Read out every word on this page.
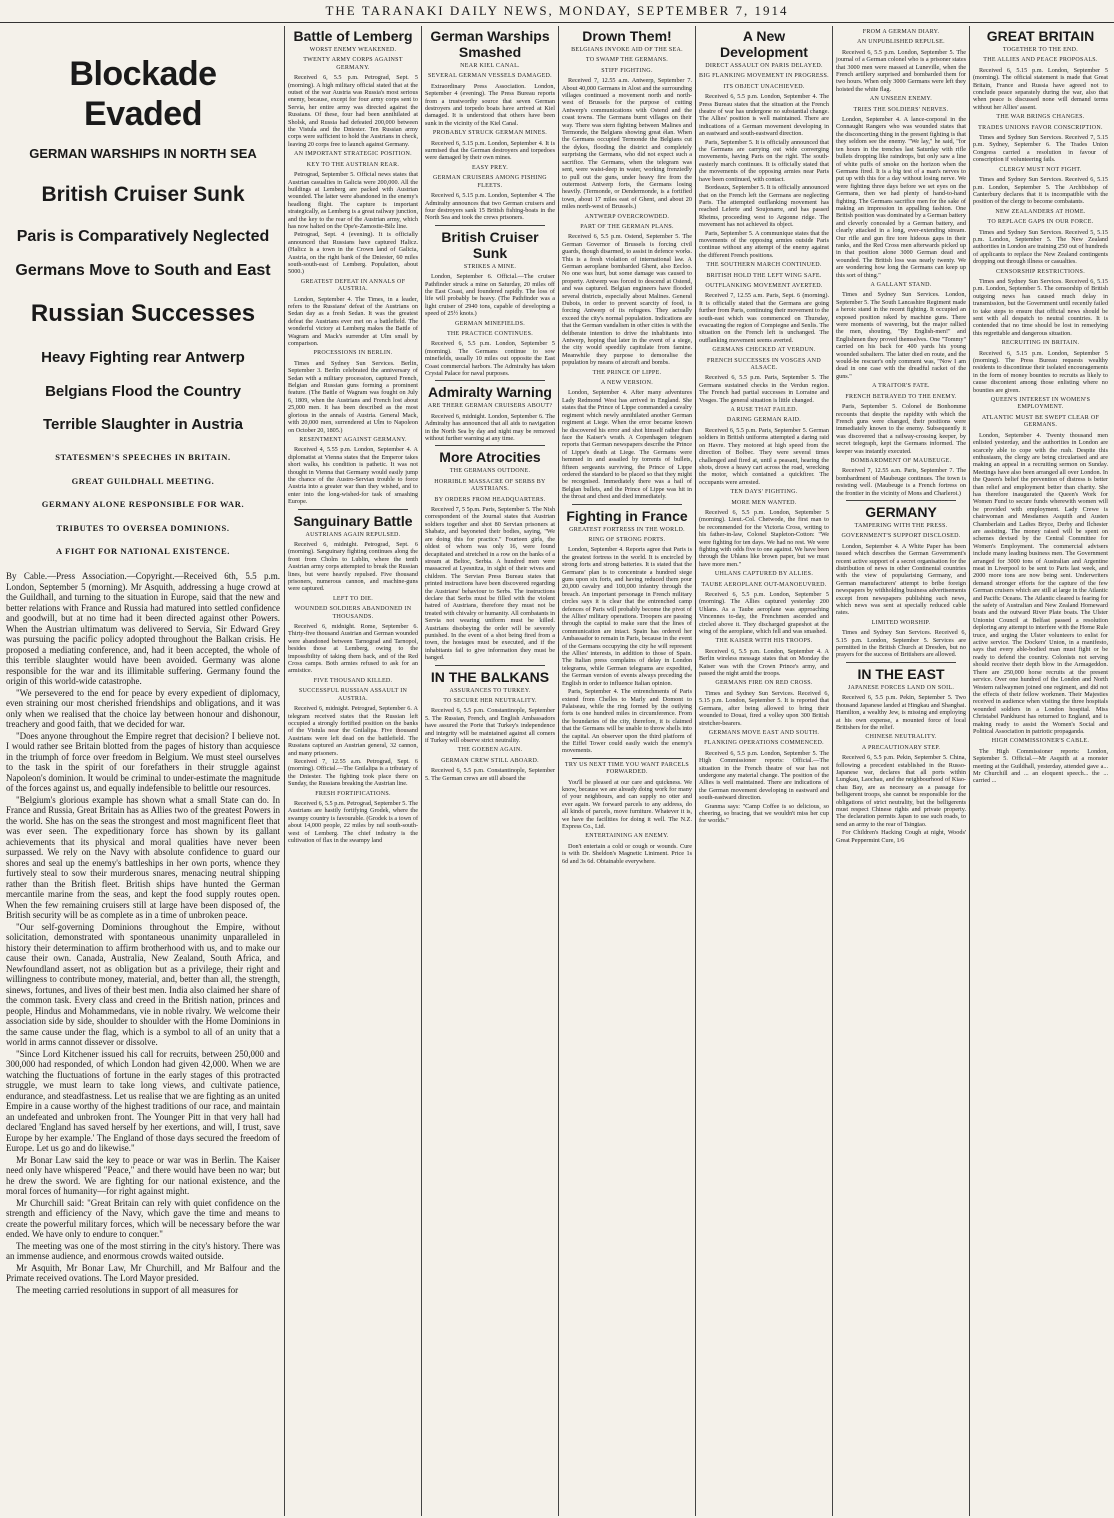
THE TARANAKI DAILY NEWS, MONDAY, SEPTEMBER 7, 1914
Blockade Evaded
GERMAN WARSHIPS IN NORTH SEA
British Cruiser Sunk
Paris is Comparatively Neglected
Germans Move to South and East
Russian Successes
Heavy Fighting rear Antwerp
Belgians Flood the Country
Terrible Slaughter in Austria
STATESMEN'S SPEECHES IN BRITAIN.
GREAT GUILDHALL MEETING.
GERMANY ALONE RESPONSIBLE FOR WAR.
TRIBUTES TO OVERSEA DOMINIONS.
A FIGHT FOR NATIONAL EXISTENCE.

By Cable.—Press Association.—Copyright.—Received 6th, 5.5 p.m. London, September 5 (morning). Mr Asquith, addressing a huge crowd at the Guildhall, and turning to the situation in Europe, said that the new and better relations with France and Russia had matured into settled confidence and goodwill, but at no time had it been directed against other Powers. When the Austrian ultimatum was delivered to Servia, Sir Edward Grey was pursuing the pacific policy adopted throughout the Balkan crisis. He proposed a mediating conference, and, had it been accepted, the whole of this terrible slaughter would have been avoided. Germany was alone responsible for the war and its illimitable suffering. Germany found the origin of this world-wide catastrophe.

"We persevered to the end for peace by every expedient of diplomacy, even straining our most cherished friendships and obligations, and it was only when we realised that the choice lay between honour and dishonour, treachery and good faith, that we decided for war.

"Does anyone throughout the Empire regret that decision? I believe not. I would rather see Britain blotted from the pages of history than acquiesce in the triumph of force over freedom in Belgium. We must steel ourselves to the task in the spirit of our forefathers in their struggle against Napoleon's dominion. It would be criminal to under-estimate the magnitude of the forces against us, and equally indefensible to belittle our resources.

"Belgium's glorious example has shown what a small State can do. In France and Russia, Great Britain has as Allies two of the greatest Powers in the world. She has on the seas the strongest and most magnificent fleet that was ever seen. The expeditionary force has shown by its gallant achievements that its physical and moral qualities have never been surpassed. We rely on the Navy with absolute confidence to guard our shores and seal up the enemy's battleships in her own ports, whence they furtively steal to sow their murderous snares, menacing neutral shipping rather than the British fleet. British ships have hunted the German mercantile marine from the seas, and kept the food supply routes open. When the few remaining cruisers still at large have been disposed of, the British security will be as complete as in a time of unbroken peace.

"Our self-governing Dominions throughout the Empire, without solicitation, demonstrated with spontaneous unanimity unparalleled in history their determination to affirm brotherhood with us, and to make our cause their own. Canada, Australia, New Zealand, South Africa, and Newfoundland assert, not as obligation but as a privilege, their right and willingness to contribute money, material, and, better than all, the strength, sinews, fortunes, and lives of their best men. India also claimed her share of the common task. Every class and creed in the British nation, princes and people, Hindus and Mohammedans, vie in noble rivalry. We welcome their association side by side, shoulder to shoulder with the Home Dominions in the same cause under the flag, which is a symbol to all of an unity that a world in arms cannot dissever or dissolve.

"Since Lord Kitchener issued his call for recruits, between 250,000 and 300,000 had responded, of which London had given 42,000. When we are watching the fluctuations of fortune in the early stages of this protracted struggle, we must learn to take long views, and cultivate patience, endurance, and steadfastness. Let us realise that we are fighting as an united Empire in a cause worthy of the highest traditions of our race, and maintain an undefeated and unbroken front. The Younger Pitt in that very hall had declared 'England has saved herself by her exertions, and will, I trust, save Europe by her example.' The England of those days secured the freedom of Europe. Let us go and do likewise."

Mr Bonar Law said the key to peace or war was in Berlin. The Kaiser need only have whispered "Peace," and there would have been no war; but he drew the sword. We are fighting for our national existence, and the moral forces of humanity—for right against might.

Mr Churchill said: "Great Britain can rely with quiet confidence on the strength and efficiency of the Navy, which gave the time and means to create the powerful military forces, which will be necessary before the war ended. We have only to endure to conquer."

The meeting was one of the most stirring in the city's history. There was an immense audience, and enormous crowds waited outside.

Mr Asquith, Mr Bonar Law, Mr Churchill, and Mr Balfour and the Primate received ovations. The Lord Mayor presided.

The meeting carried resolutions in support of all measures for

Battle of Lemberg
WORST ENEMY WEAKENED.
TWENTY ARMY CORPS AGAINST GERMANY.

Received 6, 5.5 p.m. Petrograd, Sept. 5 (morning). A high military official stated that at the outset of the war Austria was Russia's most serious enemy, because, except for four army corps sent to Servia, her entire army was directed against the Russians. Of these, four had been annihilated at Sholsk, and Russia had defeated 200,000 between the Vistula and the Dniester. Ten Russian army corps were sufficient to hold the Austrians in check, leaving 20 corps free to launch against Germany.

AN IMPORTANT STRATEGIC POSITION.
KEY TO THE AUSTRIAN REAR.

Petrograd, September 5. Official news states that Austrian casualties in Galicia were 200,000. All the buildings at Lemberg are packed with Austrian wounded. The latter were abandoned in the enemy's headlong flight. The capture is important strategically, as Lemberg is a great railway junction, and the key to the rear of the Austrian army, which has now halted on the Ope'e-Zamostie-Bilz line.

Petrograd, Sept. 4 (evening). It is officially announced that Russians have captured Halicz. (Halicz is a town in the Crown land of Galicia, Austria, on the right bank of the Dniester, 60 miles south-south-east of Lemberg. Population, about 5000.)

GREATEST DEFEAT IN ANNALS OF AUSTRIA.

London, September 4. The Times, in a leader, refers to the Russians' defeat of the Austrians on Sedan day as a fresh Sedan. It was the greatest defeat the Austrians ever met on a battlefield. The wonderful victory at Lemberg makes the Battle of Wagram and Mack's surrender at Ulm small by comparison.

PROCESSIONS IN BERLIN.

Times and Sydney Sun Services. Berlin, September 3. Berlin celebrated the anniversary of Sedan with a military procession, captured French, Belgian and Russian guns forming a prominent feature. (The Battle of Wagram was fought on July 6, 1809, when the Austrians and French lost about 25,000 men. It has been described as the most glorious in the annals of Austria. General Mack, with 20,000 men, surrendered at Ulm to Napoleon on October 20, 1805.)

RESENTMENT AGAINST GERMANY.

Received 4, 5.55 p.m. London, September 4. A diplomatist at Vienna states that the Emperor takes short walks, his condition is pathetic. It was not thought in Vienna that Germany would easily jump the chance of the Austro-Servian trouble to force Austria into a greater war than they wished, and to enter into the long-wished-for task of smashing Europe.

Sanguinary Battle
AUSTRIANS AGAIN REPULSED.

Received 6, midnight. Petrograd, Sept. 6 (morning). Sanguinary fighting continues along the front from Cholm to Lublin, where the tenth Austrian army corps attempted to break the Russian lines, but were heavily repulsed. Five thousand prisoners, numerous cannon, and machine-guns were captured.

LEFT TO DIE.
WOUNDED SOLDIERS ABANDONED IN THOUSANDS.

Received 6, midnight. Rome, September 6. Thirty-five thousand Austrian and German wounded were abandoned between Tarnograd and Tarnopol, besides those at Lemberg, owing to the impossibility of taking them back, and of the Red Cross camps. Both armies refused to ask for an armistice.

FIVE THOUSAND KILLED.
SUCCESSFUL RUSSIAN ASSAULT IN AUSTRIA.

Received 6, midnight. Petrograd, September 6. A telegram received states that the Russian left occupied a strongly fortified position on the banks of the Vistula near the Gnilalipa. Five thousand Austrians were left dead on the battlefield. The Russians captured an Austrian general, 32 cannon, and many prisoners.

Received 7, 12.55 a.m. Petrograd, Sept. 6 (morning). Official.—The Gnilalipa is a tributary of the Dniester. The fighting took place there on Sunday, the Russians breaking the Austrian line.

FRESH FORTIFICATIONS.

Received 6, 5.5 p.m. Petrograd, September 5. The Austrians are hastily fortifying Grodek, where the swampy country is favourable. (Grodek is a town of about 14,000 people, 22 miles by rail south-south-west of Lemberg. The chief industry is the cultivation of flax in the swampy land

German Warships Smashed
NEAR KIEL CANAL.
SEVERAL GERMAN VESSELS DAMAGED.

Extraordinary Press Association. London, September 4 (evening). The Press Bureau reports from a trustworthy source that seven German destroyers and torpedo boats have arrived at Kiel damaged. It is understood that others have been sunk in the vicinity of the Kiel Canal.

PROBABLY STRUCK GERMAN MINES.

Received 6, 5.15 p.m. London, September 4. It is surmised that the German destroyers and torpedoes were damaged by their own mines.

EASY PREY.
GERMAN CRUISERS AMONG FISHING FLEETS.

Received 6, 5.15 p.m. London, September 4. The Admiralty announces that two German cruisers and four destroyers sank 15 British fishing-boats in the North Sea and took the crews prisoners.

British Cruiser Sunk
STRIKES A MINE.

London, September 6. Official.—The cruiser Pathfinder struck a mine on Saturday, 20 miles off the East Coast, and foundered rapidly. The loss of life will probably be heavy. (The Pathfinder was a light cruiser of 2940 tons, capable of developing a speed of 25½ knots.)

GERMAN MINEFIELDS.
THE PRACTICE CONTINUES.

Received 6, 5.5 p.m. London, September 5 (morning). The Germans continue to sow minefields, usually 10 miles out opposite the East Coast commercial harbors. The Admiralty has taken Crystal Palace for naval purposes.

Admiralty Warning
ARE THERE GERMAN CRUISERS ABOUT?

Received 6, midnight. London, September 6. The Admiralty has announced that all aids to navigation in the North Sea by day and night may be removed without further warning at any time.

More Atrocities
THE GERMANS OUTDONE.
HORRIBLE MASSACRE OF SERBS BY AUSTRIANS.
BY ORDERS FROM HEADQUARTERS.

Received 7, 5 5p.m. Paris, September 5. The Nish correspondent of the Journal states that Austrian soldiers together and shot 80 Servian prisoners at Shabatz, and bayoneted their bodies, saying, "We are doing this for practice." Fourteen girls, the oldest of whom was only 16, were found decapitated and stretched in a row on the banks of a stream at Beltoc, Serbia. A hundred men were massacred at Lyesnitza, in sight of their wives and children. The Servian Press Bureau states that printed instructions have been discovered regarding the Austrians' behaviour to Serbs. The instructions declare that Serbs must be filled with the violent hatred of Austrians, therefore they must not be treated with chivalry or humanity. All combatants in Servia not wearing uniform must be killed. Austrians disobeying the order will be severely punished. In the event of a shot being fired from a town, the hostages must be executed, and if the inhabitants fail to give information they must be hanged.

IN THE BALKANS
ASSURANCES TO TURKEY.
TO SECURE HER NEUTRALITY.

Received 6, 5.5 p.m. Constantinople, September 5. The Russian, French, and English Ambassadors have assured the Porte that Turkey's independence and integrity will be maintained against all comers if Turkey will observe strict neutrality.

THE GOEBEN AGAIN.
GERMAN CREW STILL ABOARD.

Received 6, 5.5 p.m. Constantinople, September 5. The German crews are still aboard the

Drown Them!
BELGIANS INVOKE AID OF THE SEA.
TO SWAMP THE GERMANS.
STIFF FIGHTING.

Received 7, 12.55 a.m. Antwerp, September 7. About 40,000 Germans in Alost and the surrounding villages continued a movement north and north-west of Brussels for the purpose of cutting Antwerp's communications with Ostend and the coast towns. The Germans burnt villages on their way. There was stern fighting between Malines and Termonde, the Belgians showing great élan. When the Germans occupied Termonde the Belgians cut the dykes, flooding the district and completely surprising the Germans, who did not expect such a sacrifice. The Germans, when the telegram was sent, were waist-deep in water, working frenziedly to pull out the guns, under heavy fire from the outermost Antwerp forts, the Germans losing heavily. (Termonde, or Dendermonde, is a fortified town, about 17 miles east of Ghent, and about 20 miles north-west of Brussels.)

ANTWERP OVERCROWDED.
PART OF THE GERMAN PLANS.

Received 6, 5.5 p.m. Ostend, September 5. The German Governor of Brussels is forcing civil guards, though disarmed, to assist in defence works. This is a fresh violation of international law. A German aeroplane bombarded Ghent, also Eecloo. No one was hurt, but some damage was caused to property. Antwerp was forced to descend at Ostend, and was captured. Belgian engineers have flooded several districts, especially about Malines. General Dubois, in order to prevent scarcity of food, is forcing Antwerp of its refugees. They actually exceed the city's normal population. Indications are that the German vandalism in other cities is with the deliberate intention to drive the inhabitants into Antwerp, hoping that later in the event of a siege, the city would speedily capitulate from famine. Meanwhile they purpose to demoralise the population by means of aircraft and bombs.

THE PRINCE OF LIPPE.
A NEW VERSION.

London, September 4. After many adventures Lady Redmond West has arrived in England. She states that the Prince of Lippe commanded a cavalry regiment which newly annihilated another German regiment at Liege. When the error became known he discovered his error and shot himself rather than face the Kaiser's wrath. A Copenhagen telegram reports that German newspapers describe the Prince of Lippe's death at Liege. The Germans were hemmed in and assailed by torrents of bullets, fifteen sergeants surviving, the Prince of Lippe ordered the standard to be placed so that they might be recognised. Immediately there was a hail of Belgian bullets, and the Prince of Lippe was hit in the throat and chest and died immediately.

Fighting in France
GREATEST FORTRESS IN THE WORLD.
RING OF STRONG FORTS.

London, September 4. Reports agree that Paris is the greatest fortress in the world. It is encircled by strong forts and strong batteries. It is stated that the Germans' plan is to concentrate a hundred siege guns upon six forts, and having reduced them pour 20,000 cavalry and 100,000 infantry through the breach. An important personage in French military circles says it is clear that the entrenched camp defences of Paris will probably become the pivot of the Allies' military operations. Troopers are passing through the capital to make sure that the lines of communication are intact. Spain has ordered her Ambassador to remain in Paris, because in the event of the Germans occupying the city he will represent the Allies' interests, in addition to those of Spain. The Italian press complains of delay in London telegrams, while German telegrams are expedited, the German version of events always preceding the English in order to influence Italian opinion.

Paris, September 4. The entrenchments of Paris extend from Chelles to Marly and Domont to Palaiseau, while the ring formed by the outlying forts is one hundred miles in circumference. From the boundaries of the city, therefore, it is claimed that the Germans will be unable to throw shells into the capital. An observer upon the third platform of the Eiffel Tower could easily watch the enemy's movements.

TRY US NEXT TIME YOU WANT PARCELS FORWARDED.

You'll be pleased at our care and quickness. We know, because we are already doing work for many of your neighbours, and can supply no otter and ever again. We forward parcels to any address, do all kinds of parcels, move furniture. Whatever it is, we have the facilities for doing it well. The N.Z. Express Co., Ltd.

ENTERTAINING AN ENEMY.

Don't entertain a cold or cough or wounds. Cure is with Dr. Sheldon's Magnetic Liniment. Price 1s 6d and 3s 6d. Obtainable everywhere.

A New Development
DIRECT ASSAULT ON PARIS DELAYED.
BIG FLANKING MOVEMENT IN PROGRESS.
ITS OBJECT UNACHIEVED.

Received 6, 5.5 p.m. London, September 4. The Press Bureau states that the situation at the French theatre of war has undergone no substantial change. The Allies' position is well maintained. There are indications of a German movement developing in an eastward and south-eastward direction.

Paris, September 5. It is officially announced that the Germans are carrying out wide converging movements, having Paris on the right. The south-easterly march continues. It is officially stated that the movements of the opposing armies near Paris have been continued, with contact.

Bordeaux, September 5. It is officially announced that on the French left the Germans are neglecting Paris. The attempted outflanking movement has reached Leferte and Soujonarre, and has passed Rheims, proceeding west to Argonne ridge. The movement has not achieved its object.

Paris, September 5. A communique states that the movements of the opposing armies outside Paris continue without any attempt of the enemy against the different French positions.

THE SOUTHERN MARCH CONTINUED.
BRITISH HOLD THE LEFT WING SAFE.
OUTFLANKING MOVEMENT AVERTED.

Received 7, 12.55 a.m. Paris, Sept. 6 (morning). It is officially stated that the Germans are going further from Paris, continuing their movement to the south-east which was commenced on Thursday, evacuating the region of Compiegne and Senlis. The situation on the French left is unchanged. The outflanking movement seems averted.

GERMANS CHECKED AT VERDUN.
FRENCH SUCCESSES IN VOSGES AND ALSACE.

Received 6, 5.5 p.m. Paris, September 5. The Germans sustained checks in the Verdun region. The French had partial successes in Lorraine and Vosges. The general situation is little changed.

A RUSE THAT FAILED.
DARING GERMAN RAID.

Received 6, 5.5 p.m. Paris, September 5. German soldiers in British uniforms attempted a daring raid on Havre. They motored at high speed from the direction of Bolbec. They were several times challenged and fired at, until a peasant, hearing the shots, drove a heavy cart across the road, wrecking the motor, which contained a quickfirer. The occupants were arrested.

TEN DAYS' FIGHTING.
MORE MEN WANTED.

Received 6, 5.5 p.m. London, September 5 (morning). Lieut.-Col. Chetwode, the first man to be recommended for the Victoria Cross, writing to his father-in-law, Colonel Stapleton-Cotton: "We were fighting for ten days. We had no rest. We were fighting with odds five to one against. We have been through the Uhlans like brown paper, but we must have more men."

UHLANS CAPTURED BY ALLIES.
TAUBE AEROPLANE OUT-MANOEUVRED.

Received 6, 5.5 p.m. London, September 5 (morning). The Allies captured yesterday 200 Uhlans. As a Taube aeroplane was approaching Vincennes to-day, the Frenchmen ascended and circled above it. They discharged grapeshot at the wing of the aeroplane, which fell and was smashed.

THE KAISER WITH HIS TROOPS.

Received 6, 5.5 p.m. London, September 4. A Berlin wireless message states that on Monday the Kaiser was with the Crown Prince's army, and passed the night amid the troops.

GERMANS FIRE ON RED CROSS.

Times and Sydney Sun Services. Received 6, 5.15 p.m. London, September 5. It is reported that Germans, after being allowed to bring their wounded to Douai, fired a volley upon 300 British stretcher-bearers.

GERMANS MOVE EAST AND SOUTH.
FLANKING OPERATIONS COMMENCED.

Received 6, 5.5 p.m. London, September 5. The High Commissioner reports: Official.—The situation in the French theatre of war has not undergone any material change. The position of the Allies is well maintained. There are indications of the German movement developing in eastward and south-eastward direction.

Granma says: "Camp Coffee is so delicious, so cheering, so bracing, that we wouldn't miss her cup for worlds."

FROM A GERMAN DIARY.
AN UNPUBLISHED REPULSE.

Received 6, 5.5 p.m. London, September 5. The journal of a German colonel who is a prisoner states that 3000 men were massed at Luneville, when the French artillery surprised and bombarded them for two hours. When only 3000 Germans were left they hoisted the white flag.

AN UNSEEN ENEMY.
TRIES THE SOLDIERS' NERVES.

London, September 4. A lance-corporal in the Connaught Rangers who was wounded states that the disconcerting thing in the present fighting is that they seldom see the enemy. "We lay," he said, "for ten hours in the trenches last Saturday with rifle bullets dropping like raindrops, but only saw a line of white puffs of smoke on the horizon when the Germans fired. It is a big test of a man's nerves to put up with this for a day without losing nerve. We were fighting three days before we set eyes on the Germans, then we had plenty of hand-to-hand fighting. The Germans sacrifice men for the sake of making an impression in appalling fashion. One British position was dominated by a German battery and cleverly concealed by a German battery, and clearly attacked in a long, ever-extending stream. Our rifle and gun fire tore hideous gaps in their ranks, and the Red Cross men afterwards picked up in that position alone 3000 German dead and wounded. The British loss was nearly twenty. We are wondering how long the Germans can keep up this sort of thing."

A GALLANT STAND.

Times and Sydney Sun Services. London, September 5. The South Lancashire Regiment made a heroic stand in the recent fighting. It occupied an exposed position raked by machine guns. There were moments of wavering, but the major rallied the men, shouting, "By English-men!" and Englishmen they proved themselves. One "Tommy" carried on his back for 400 yards his young wounded subaltern. The latter died en route, and the would-be rescuer's only comment was, "Now I am dead in one case with the dreadful racket of the guns."

A TRAITOR'S FATE.
FRENCH BETRAYED TO THE ENEMY.

Paris, September 5. Colonel de Bonhomme recounts that despite the rapidity with which the French guns were changed, their positions were immediately known to the enemy. Subsequently it was discovered that a railway-crossing keeper, by secret telegraph, kept the Germans informed. The keeper was instantly executed.

BOMBARDMENT OF MAUBEUGE.

Received 7, 12.55 a.m. Paris, September 7. The bombardment of Maubeuge continues. The town is resisting well. (Maubeuge is a French fortress on the frontier in the vicinity of Mons and Charleroi.)

GERMANY
TAMPERING WITH THE PRESS.
GOVERNMENT'S SUPPORT DISCLOSED.

London, September 4. A White Paper has been issued which describes the German Government's recent active support of a secret organisation for the distribution of news in other Continental countries with the view of popularising Germany, and German manufacturers' attempt to bribe foreign newspapers by withholding business advertisements except from newspapers publishing such news, which news was sent at specially reduced cable rates.

LIMITED WORSHIP.

Times and Sydney Sun Services. Received 6, 5.15 p.m. London, September 5. Services are permitted in the British Church at Dresden, but no prayers for the success of Britishers are allowed.

IN THE EAST
JAPANESE FORCES LAND ON SOIL.

Received 6, 5.5 p.m. Pekin, September 5. Two thousand Japanese landed at Hingkau and Shanghai. Hamilton, a wealthy Jew, is missing and employing at his own expense, a mounted force of local Britishers for the relief.

CHINESE NEUTRALITY.
A PRECAUTIONARY STEP.

Received 6, 5.5 p.m. Pekin, September 5. China, following a precedent established in the Russo-Japanese war, declares that all ports within Lungkau, Laochau, and the neighbourhood of Kiao-chau Bay, are as necessary as a passage for belligerent troops, she cannot be responsible for the obligations of strict neutrality, but the belligerents must respect Chinese rights and private property. The declaration permits Japan to use such roads, to send an army to the rear of Tsingtao.

For Children's Hacking Cough at night, Woods' Great Peppermint Cure, 1/6

GREAT BRITAIN
TOGETHER TO THE END.
THE ALLIES AND PEACE PROPOSALS.

Received 6, 5.15 p.m. London, September 5 (morning). The official statement is made that Great Britain, France and Russia have agreed not to conclude peace separately during the war, also that when peace is discussed none will demand terms without her Allies' assent.

THE WAR BRINGS CHANGES.
TRADES UNIONS FAVOR CONSCRIPTION.

Times and Sydney Sun Services. Received 7, 5.15 p.m. Sydney, September 6. The Trades Union Congress carried a resolution in favour of conscription if volunteering fails.

CLERGY MUST NOT FIGHT.

Times and Sydney Sun Services. Received 6, 5.15 p.m. London, September 5. The Archbishop of Canterbury declares that it is incompatible with the position of the clergy to become combatants.

NEW ZEALANDERS AT HOME.
TO REPLACE GAPS IN OUR FORCE.

Times and Sydney Sun Services. Received 5, 5.15 p.m. London, September 5. The New Zealand authorities in London are training 250 out of hundreds of applicants to replace the New Zealand contingents dropping out through illness or casualties.

CENSORSHIP RESTRICTIONS.

Times and Sydney Sun Services. Received 6, 5.15 p.m. London, September 5. The censorship of British outgoing news has caused much delay in transmission, but the Government until recently failed to take steps to ensure that official news should be sent with all despatch to neutral countries. It is contended that no time should be lost in remedying this regrettable and dangerous situation.

RECRUITING IN BRITAIN.

Received 6, 5.15 p.m. London, September 5 (morning). The Press Bureau requests wealthy residents to discontinue their isolated encouragements in the form of money bounties to recruits as likely to cause discontent among those enlisting where no bounties are given.

QUEEN'S INTEREST IN WOMEN'S EMPLOYMENT.
ATLANTIC MUST BE SWEPT CLEAR OF GERMANS.

London, September 4. Twenty thousand men enlisted yesterday, and the authorities in London are scarcely able to cope with the rush. Despite this enthusiasm, the clergy are being circularised and are making an appeal in a recruiting sermon on Sunday. Meetings have also been arranged all over London. In the Queen's belief the prevention of distress is better than relief and employment better than charity. She has therefore inaugurated the Queen's Work for Women Fund to secure funds wherewith women will be provided with employment. Lady Crewe is chairwoman and Mesdames Asquith and Austen Chamberlain and Ladies Bryce, Derby and Ilchester are assisting. The money raised will be spent on schemes devised by the Central Committee for Women's Employment. The commercial advisers include many leading business men. The Government arranged for 3000 tons of Australian and Argentine meat in Liverpool to be sent to Paris last week, and 2000 more tons are now being sent. Underwriters demand stronger efforts for the capture of the few German cruisers which are still at large in the Atlantic and Pacific Oceans. The Atlantic cleared is fearing for the safety of Australian and New Zealand Homeward boats and the outward River Plate boats. The Ulster Unionist Council at Belfast passed a resolution deploring any attempt to interfere with the Home Rule truce, and urging the Ulster volunteers to enlist for active service. The Dockers' Union, in a manifesto, says that every able-bodied man must fight or be ready to defend the country. Colonists not serving should receive their depth blow in the Armageddon. There are 250,000 horse recruits at the present service. Over one hundred of the London and North Western railwaymen joined one regiment, and did not the effects of their fellow workmen. Their Majesties received in audience when visiting the three hospitals wounded soldiers in a London hospital. Miss Christabel Pankhurst has returned to England, and is making ready to assist the Women's Social and Political Association in patriotic propaganda.

HIGH COMMISSIONER'S CABLE.

The High Commissioner reports: London, September 5. Official.—Mr Asquith at a monster meeting at the Guildhall, yesterday, attended gave a... Mr Churchill and ... an eloquent speech... the ... carried ...
